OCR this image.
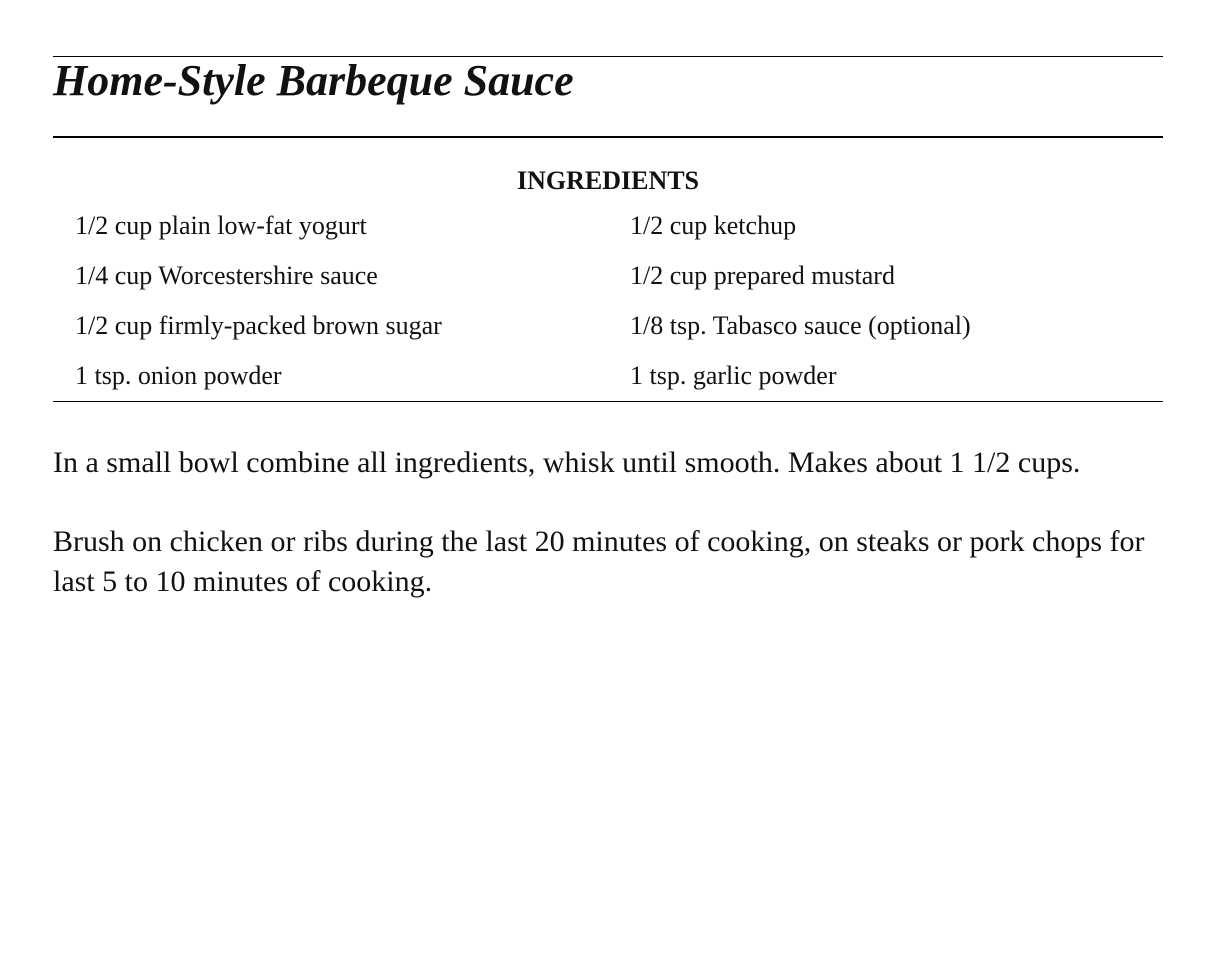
Home-Style Barbeque Sauce
INGREDIENTS
1/2 cup plain low-fat yogurt	1/2 cup ketchup
1/4 cup Worcestershire sauce	1/2 cup prepared mustard
1/2 cup firmly-packed brown sugar	1/8 tsp. Tabasco sauce (optional)
1 tsp. onion powder	1 tsp. garlic powder

In a small bowl combine all ingredients, whisk until smooth. Makes about 1 1/2 cups.

Brush on chicken or ribs during the last 20 minutes of cooking, on steaks or pork chops for last 5 to 10 minutes of cooking.
